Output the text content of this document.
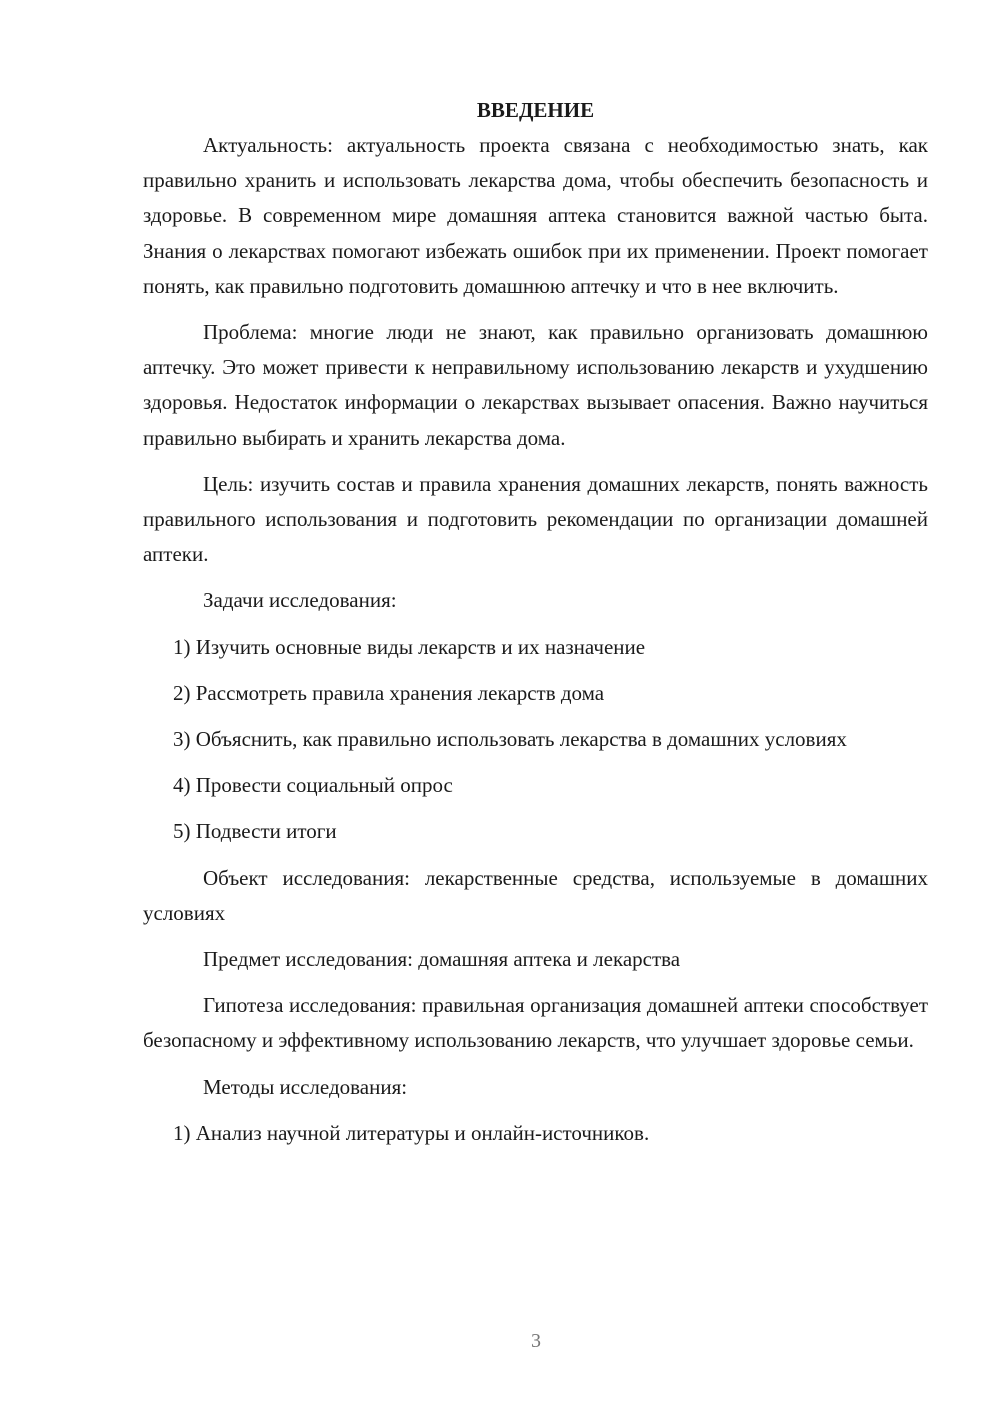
ВВЕДЕНИЕ

Актуальность: актуальность проекта связана с необходимостью знать, как правильно хранить и использовать лекарства дома, чтобы обеспечить безопасность и здоровье. В современном мире домашняя аптека становится важной частью быта. Знания о лекарствах помогают избежать ошибок при их применении. Проект помогает понять, как правильно подготовить домашнюю аптечку и что в нее включить.

Проблема: многие люди не знают, как правильно организовать домашнюю аптечку. Это может привести к неправильному использованию лекарств и ухудшению здоровья. Недостаток информации о лекарствах вызывает опасения. Важно научиться правильно выбирать и хранить лекарства дома.

Цель: изучить состав и правила хранения домашних лекарств, понять важность правильного использования и подготовить рекомендации по организации домашней аптеки.

Задачи исследования:

1) Изучить основные виды лекарств и их назначение

2) Рассмотреть правила хранения лекарств дома

3) Объяснить, как правильно использовать лекарства в домашних условиях

4) Провести социальный опрос

5) Подвести итоги

Объект исследования: лекарственные средства, используемые в домашних условиях

Предмет исследования: домашняя аптека и лекарства

Гипотеза исследования: правильная организация домашней аптеки способствует безопасному и эффективному использованию лекарств, что улучшает здоровье семьи.

Методы исследования:

1) Анализ научной литературы и онлайн-источников.

3
